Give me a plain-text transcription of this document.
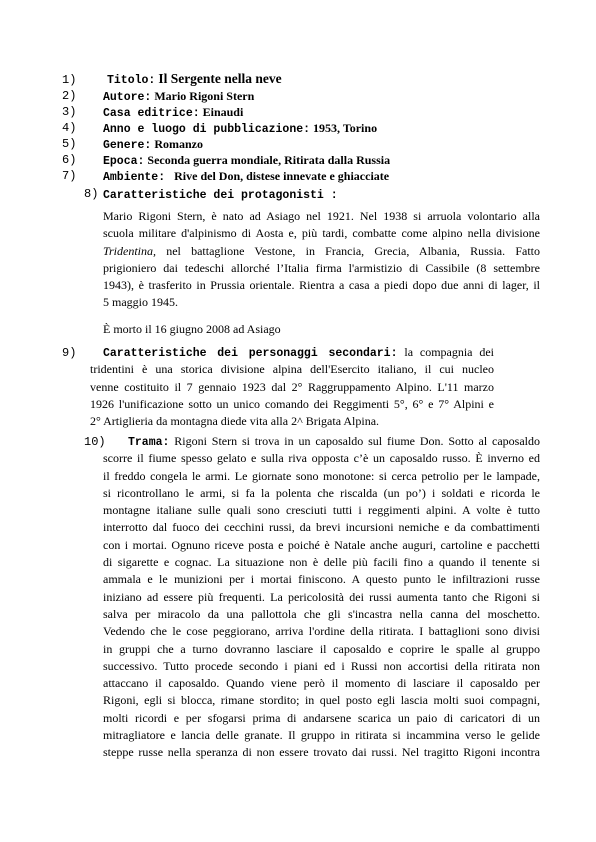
1)	Titolo: Il Sergente nella neve
2) Autore: Mario Rigoni Stern
3) Casa editrice: Einaudi
4) Anno e luogo di pubblicazione: 1953, Torino
5) Genere: Romanzo
6) Epoca: Seconda guerra mondiale, Ritirata dalla Russia
7) Ambiente: Rive del Don, distese innevate e ghiacciate
8) Caratteristiche dei protagonisti :
Mario Rigoni Stern, è nato ad Asiago nel 1921. Nel 1938 si arruola volontario alla
scuola militare d'alpinismo di Aosta e, più tardi, combatte come alpino nella divisione
Tridentina, nel battaglione Vestone, in Francia, Grecia, Albania, Russia. Fatto
prigioniero dai tedeschi allorché l’Italia firma l'armistizio di Cassibile (8 settembre
1943), è trasferito in Prussia orientale. Rientra a casa a piedi dopo due anni di lager, il
5 maggio 1945.
È morto il 16 giugno 2008 ad Asiago
9)	Caratteristiche dei personaggi secondari: la compagnia dei
tridentini è una storica divisione alpina dell'Esercito italiano, il cui nucleo
venne costituito il 7 gennaio 1923 dal 2° Raggruppamento Alpino. L'11 marzo
1926 l'unificazione sotto un unico comando dei Reggimenti 5°, 6° e 7° Alpini e
2° Artiglieria da montagna diede vita alla 2^ Brigata Alpina.
10)	Trama: Rigoni Stern si trova in un caposaldo sul fiume Don. Sotto al caposaldo
scorre il fiume spesso gelato e sulla riva opposta c’è un caposaldo russo. È inverno ed
il freddo congela le armi. Le giornate sono monotone: si cerca petrolio per le lampade,
si ricontrollano le armi, si fa la polenta che riscalda (un po’) i soldati e ricorda le
montagne italiane sulle quali sono cresciuti tutti i reggimenti alpini. A volte è tutto
interrotto dal fuoco dei cecchini russi, da brevi incursioni nemiche e da combattimenti
con i mortai. Ognuno riceve posta e poiché è Natale anche auguri, cartoline e pacchetti
di sigarette e cognac. La situazione non è delle più facili fino a quando il tenente si
ammala e le munizioni per i mortai finiscono. A questo punto le infiltrazioni russe
iniziano ad essere più frequenti. La pericolosità dei russi aumenta tanto che Rigoni si
salva per miracolo da una pallottola che gli s'incastra nella canna del moschetto.
Vedendo che le cose peggiorano, arriva l'ordine della ritirata. I battaglioni sono divisi
in gruppi che a turno dovranno lasciare il caposaldo e coprire le spalle al gruppo
successivo. Tutto procede secondo i piani ed i Russi non accortisi della ritirata non
attaccano il caposaldo. Quando viene però il momento di lasciare il caposaldo per
Rigoni, egli si blocca, rimane stordito; in quel posto egli lascia molti suoi compagni,
molti ricordi e per sfogarsi prima di andarsene scarica un paio di caricatori di un
mitragliatore e lancia delle granate. Il gruppo in ritirata si incammina verso le gelide
steppe russe nella speranza di non essere trovato dai russi. Nel tragitto Rigoni incontra
